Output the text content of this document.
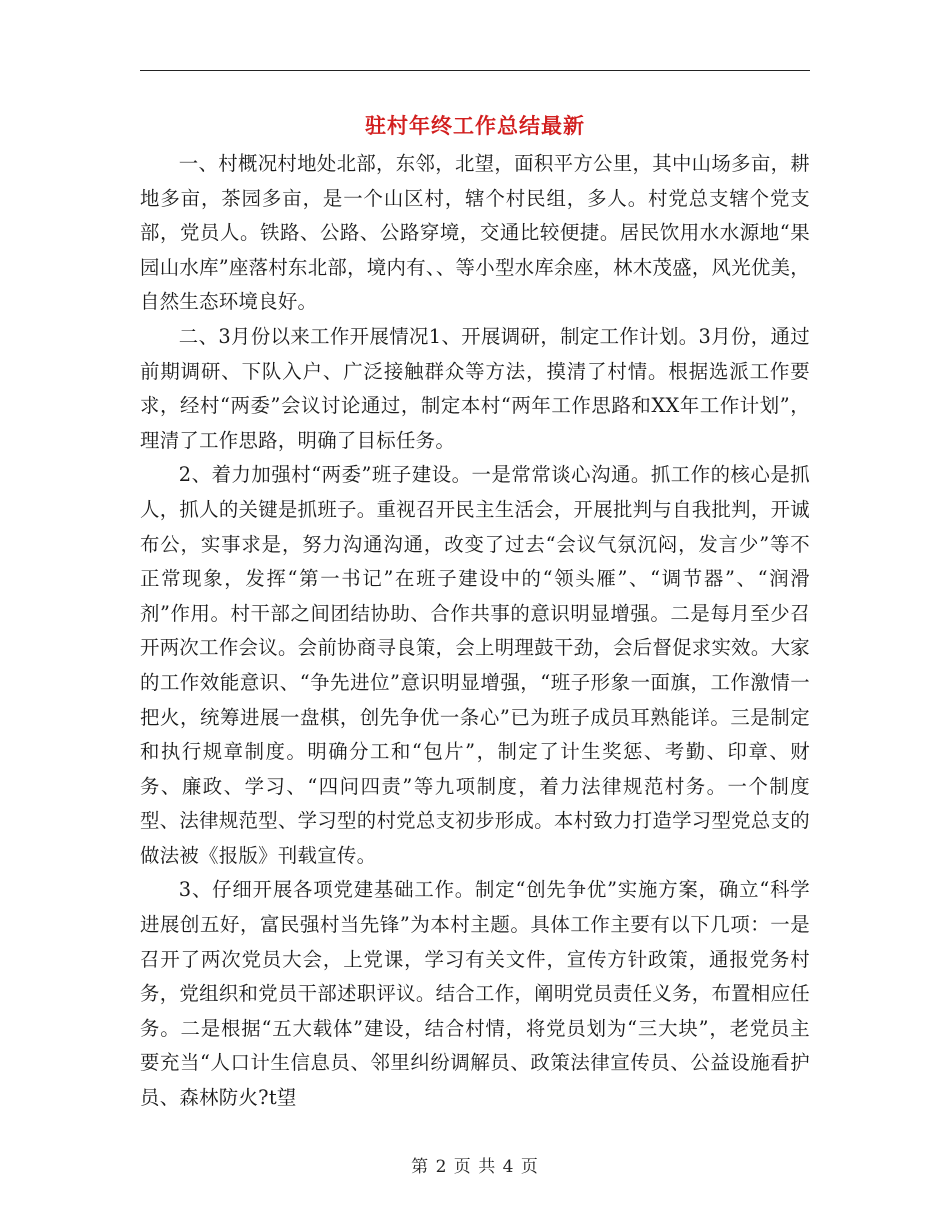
驻村年终工作总结最新

一、村概况村地处北部，东邻，北望，面积平方公里，其中山场多亩，耕地多亩，茶园多亩，是一个山区村，辖个村民组，多人。村党总支辖个党支部，党员人。铁路、公路、公路穿境，交通比较便捷。居民饮用水水源地“果园山水库”座落村东北部，境内有、、等小型水库余座，林木茂盛，风光优美，自然生态环境良好。

二、3月份以来工作开展情况1、开展调研，制定工作计划。3月份，通过前期调研、下队入户、广泛接触群众等方法，摸清了村情。根据选派工作要求，经村“两委”会议讨论通过，制定本村“两年工作思路和XX年工作计划”，理清了工作思路，明确了目标任务。

2、着力加强村“两委”班子建设。一是常常谈心沟通。抓工作的核心是抓人，抓人的关键是抓班子。重视召开民主生活会，开展批判与自我批判，开诚布公，实事求是，努力沟通沟通，改变了过去“会议气氛沉闷，发言少”等不正常现象，发挥“第一书记”在班子建设中的“领头雁”、“调节器”、“润滑剂”作用。村干部之间团结协助、合作共事的意识明显增强。二是每月至少召开两次工作会议。会前协商寻良策，会上明理鼓干劲，会后督促求实效。大家的工作效能意识、“争先进位”意识明显增强，“班子形象一面旗，工作激情一把火，统筹进展一盘棋，创先争优一条心”已为班子成员耳熟能详。三是制定和执行规章制度。明确分工和“包片”，制定了计生奖惩、考勤、印章、财务、廉政、学习、“四问四责”等九项制度，着力法律规范村务。一个制度型、法律规范型、学习型的村党总支初步形成。本村致力打造学习型党总支的做法被《报版》刊载宣传。

3、仔细开展各项党建基础工作。制定“创先争优”实施方案，确立“科学进展创五好，富民强村当先锋”为本村主题。具体工作主要有以下几项：一是召开了两次党员大会，上党课，学习有关文件，宣传方针政策，通报党务村务，党组织和党员干部述职评议。结合工作，阐明党员责任义务，布置相应任务。二是根据“五大载体”建设，结合村情，将党员划为“三大块”，老党员主要充当“人口计生信息员、邻里纠纷调解员、政策法律宣传员、公益设施看护员、森林防火?t望

第 2 页 共 4 页
